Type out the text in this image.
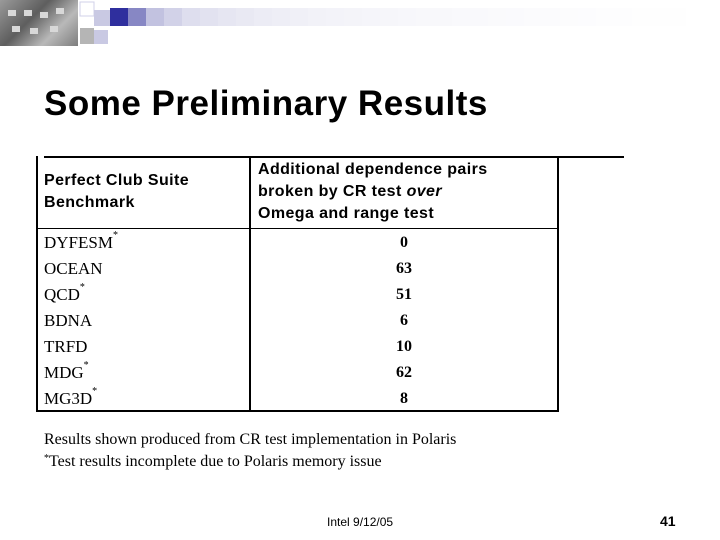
Some Preliminary Results
Perfect Club Suite
Benchmark
Additional dependence pairs
broken by CR test over
Omega and range test
DYFESM*
OCEAN
QCD*
BDNA
TRFD
MDG*
MG3D*
0
63
51
6
10
62
8
Results shown produced from CR test implementation in Polaris
*Test results incomplete due to Polaris memory issue
Intel 9/12/05	41
